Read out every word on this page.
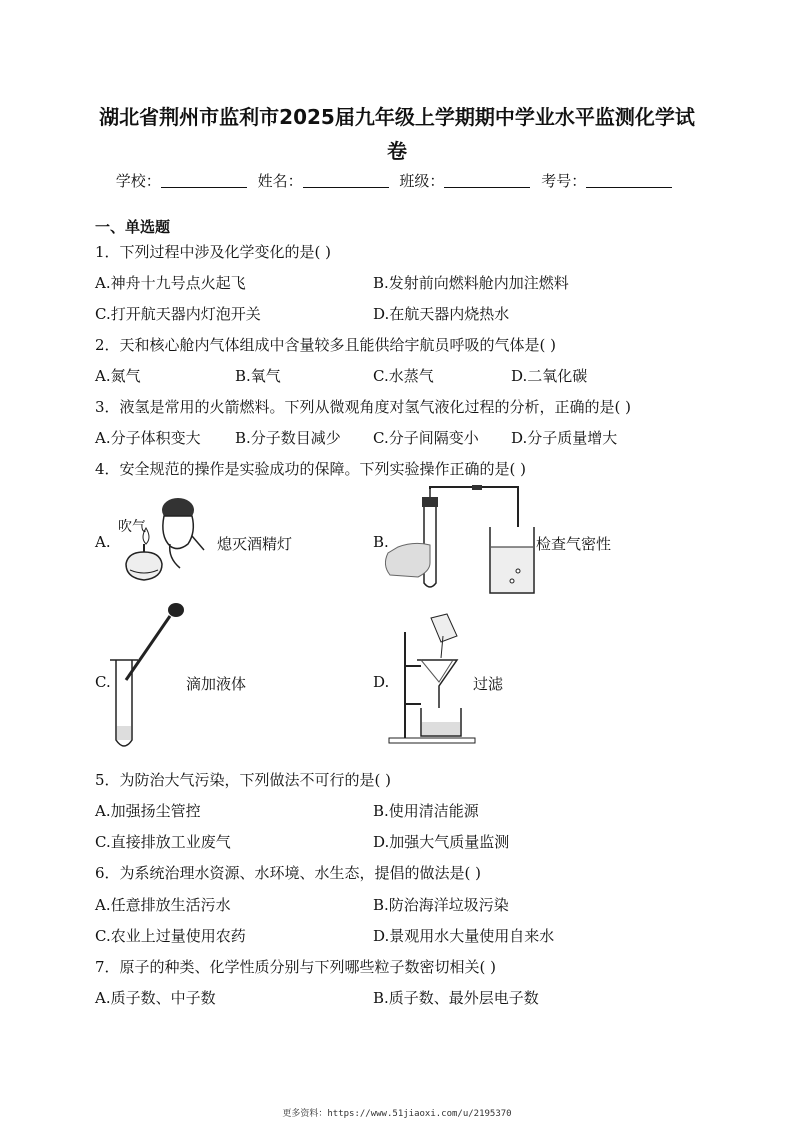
湖北省荆州市监利市2025届九年级上学期期中学业水平监测化学试
卷
学校：	姓名：	班级：	考号：
一、单选题
1．下列过程中涉及化学变化的是( )
A.神舟十九号点火起飞	B.发射前向燃料舱内加注燃料
C.打开航天器内灯泡开关	D.在航天器内烧热水
2．天和核心舱内气体组成中含量较多且能供给宇航员呼吸的气体是( )
A.氮气	B.氧气	C.水蒸气	D.二氧化碳
3．液氢是常用的火箭燃料。下列从微观角度对氢气液化过程的分析，正确的是( )
A.分子体积变大 B.分子数目减少 C.分子间隔变小 D.分子质量增大
4．安全规范的操作是实验成功的保障。下列实验操作正确的是( )
A.
吹气
熄灭酒精灯	B.	检查气密性
C.	滴加液体	D.	过滤
5．为防治大气污染，下列做法不可行的是( )
A.加强扬尘管控	B.使用清洁能源
C.直接排放工业废气	D.加强大气质量监测
6．为系统治理水资源、水环境、水生态，提倡的做法是( )
A.任意排放生活污水	B.防治海洋垃圾污染
C.农业上过量使用农药	D.景观用水大量使用自来水
7．原子的种类、化学性质分别与下列哪些粒子数密切相关( )
A.质子数、中子数	B.质子数、最外层电子数
更多资料：https://www.51jiaoxi.com/u/2195370
